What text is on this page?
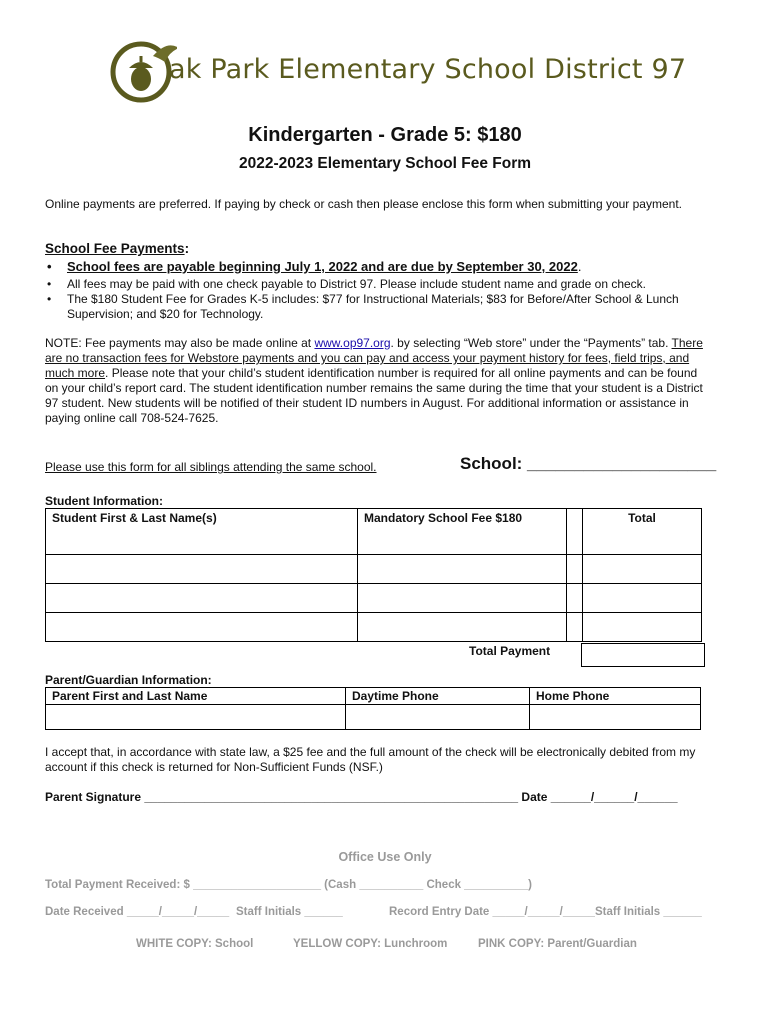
ak Park Elementary School District 97
Kindergarten - Grade 5: $180
2022-2023 Elementary School Fee Form
Online payments are preferred. If paying by check or cash then please enclose this form when submitting your payment.
School Fee Payments:
• School fees are payable beginning July 1, 2022 and are due by September 30, 2022.
• All fees may be paid with one check payable to District 97. Please include student name and grade on check.
• The $180 Student Fee for Grades K-5 includes: $77 for Instructional Materials; $83 for Before/After School & Lunch Supervision; and $20 for Technology.
NOTE: Fee payments may also be made online at www.op97.org. by selecting “Web store” under the “Payments” tab. There are no transaction fees for Webstore payments and you can pay and access your payment history for fees, field trips, and much more. Please note that your child’s student identification number is required for all online payments and can be found on your child’s report card. The student identification number remains the same during the time that your student is a District 97 student. New students will be notified of their student ID numbers in August. For additional information or assistance in paying online call 708-524-7625.
Please use this form for all siblings attending the same school.	School: ____________________
Student Information:
Student First & Last Name(s)	Mandatory School Fee $180		Total

Total Payment
Parent/Guardian Information:
Parent First and Last Name	Daytime Phone	Home Phone

I accept that, in accordance with state law, a $25 fee and the full amount of the check will be electronically debited from my account if this check is returned for Non-Sufficient Funds (NSF.)
Parent Signature ________________________________________________________ Date ______/______/______
Office Use Only
Total Payment Received: $ ____________________ (Cash __________ Check __________)
Date Received _____/_____/_____ Staff Initials ______	Record Entry Date _____/_____/_____ Staff Initials ______
WHITE COPY: School	YELLOW COPY: Lunchroom	PINK COPY: Parent/Guardian
